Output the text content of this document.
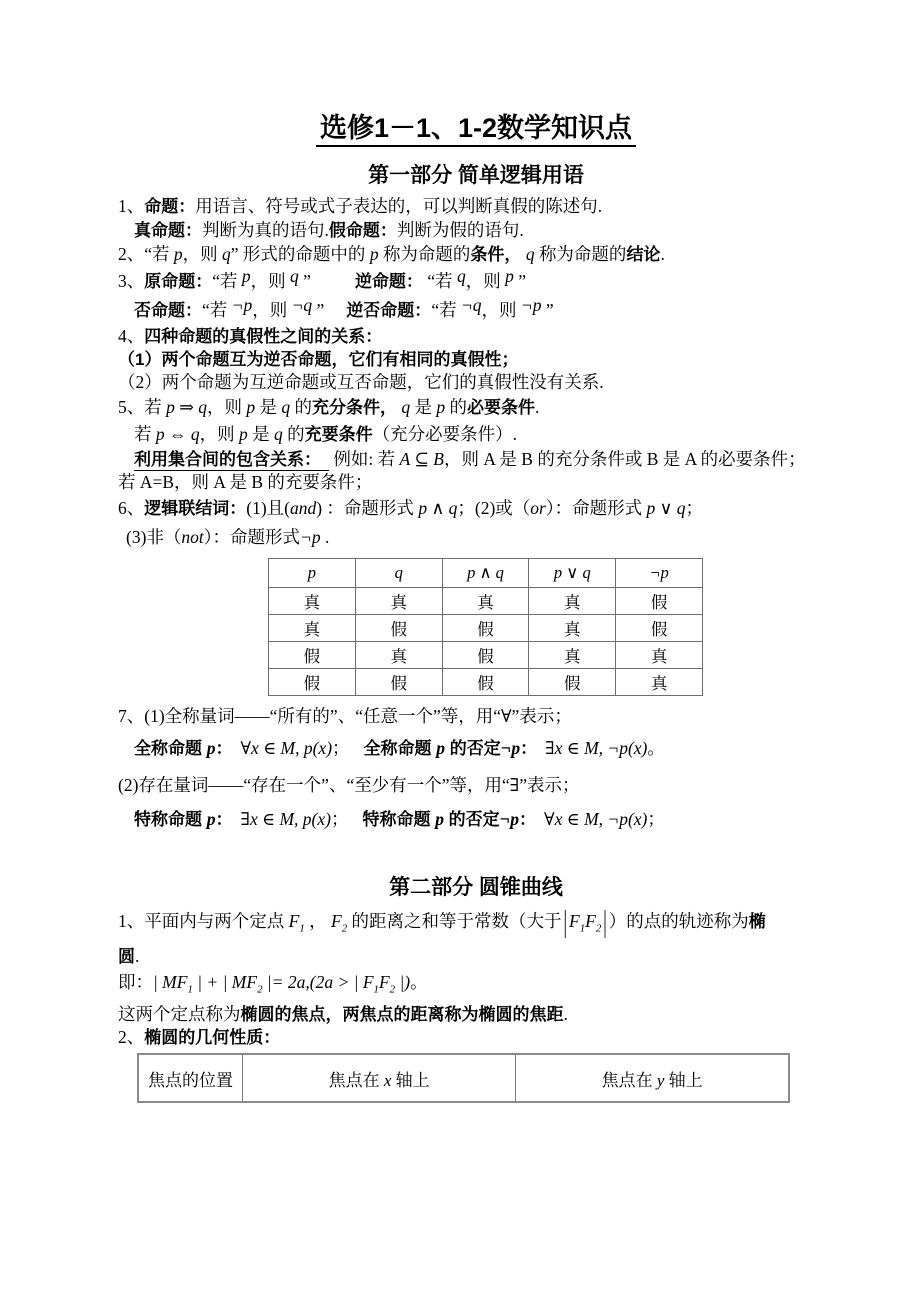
选修1－1、1-2数学知识点
第一部分 简单逻辑用语

1、命题：用语言、符号或式子表达的，可以判断真假的陈述句.

真命题：判断为真的语句.假命题：判断为假的语句.

2、“若 p，则 q” 形式的命题中的 p 称为命题的条件， q 称为命题的结论.

3、原命题：“若 p，则 q ”	逆命题： “若 q，则 p ”

否命题：“若 ¬p，则 ¬q ” 逆否命题：“若 ¬q，则 ¬p ”

4、四种命题的真假性之间的关系：

（1）两个命题互为逆否命题，它们有相同的真假性；

（2）两个命题为互逆命题或互否命题，它们的真假性没有关系.

5、若 p ⇒ q，则 p 是 q 的充分条件， q 是 p 的必要条件.

若 p ⇔ q，则 p 是 q 的充要条件（充分必要条件）.

利用集合间的包含关系： 例如: 若 A ⊆ B，则 A 是 B 的充分条件或 B 是 A 的必要条件；

若 A=B，则 A 是 B 的充要条件；

6、逻辑联结词：(1)且(and) ：命题形式 p ∧ q；(2)或（or）：命题形式 p ∨ q；

(3)非（not）：命题形式¬p .

p	q	p ∧ q	p ∨ q	¬p
真	真	真	真	假
真	假	假	真	假
假	真	假	真	真
假	假	假	假	真

7、(1)全称量词——“所有的”、“任意一个”等，用“∀”表示；

全称命题 p： ∀x ∈ M, p(x)； 全称命题 p 的否定¬p： ∃x ∈ M, ¬p(x)。

(2)存在量词——“存在一个”、“至少有一个”等，用“∃”表示；

特称命题 p： ∃x ∈ M, p(x)； 特称命题 p 的否定¬p： ∀x ∈ M, ¬p(x)；

第二部分 圆锥曲线

1、平面内与两个定点 $F_1$ ， $F_2$ 的距离之和等于常数（大于 | $F_1F_2$ | ）的点的轨迹称为椭

圆.

即：| $MF_1$ | + | $MF_2$ |= 2a,(2a > | $F_1F_2$ |)。

这两个定点称为椭圆的焦点，两焦点的距离称为椭圆的焦距.

2、椭圆的几何性质：

焦点的位置	焦点在 x 轴上	焦点在 y 轴上
